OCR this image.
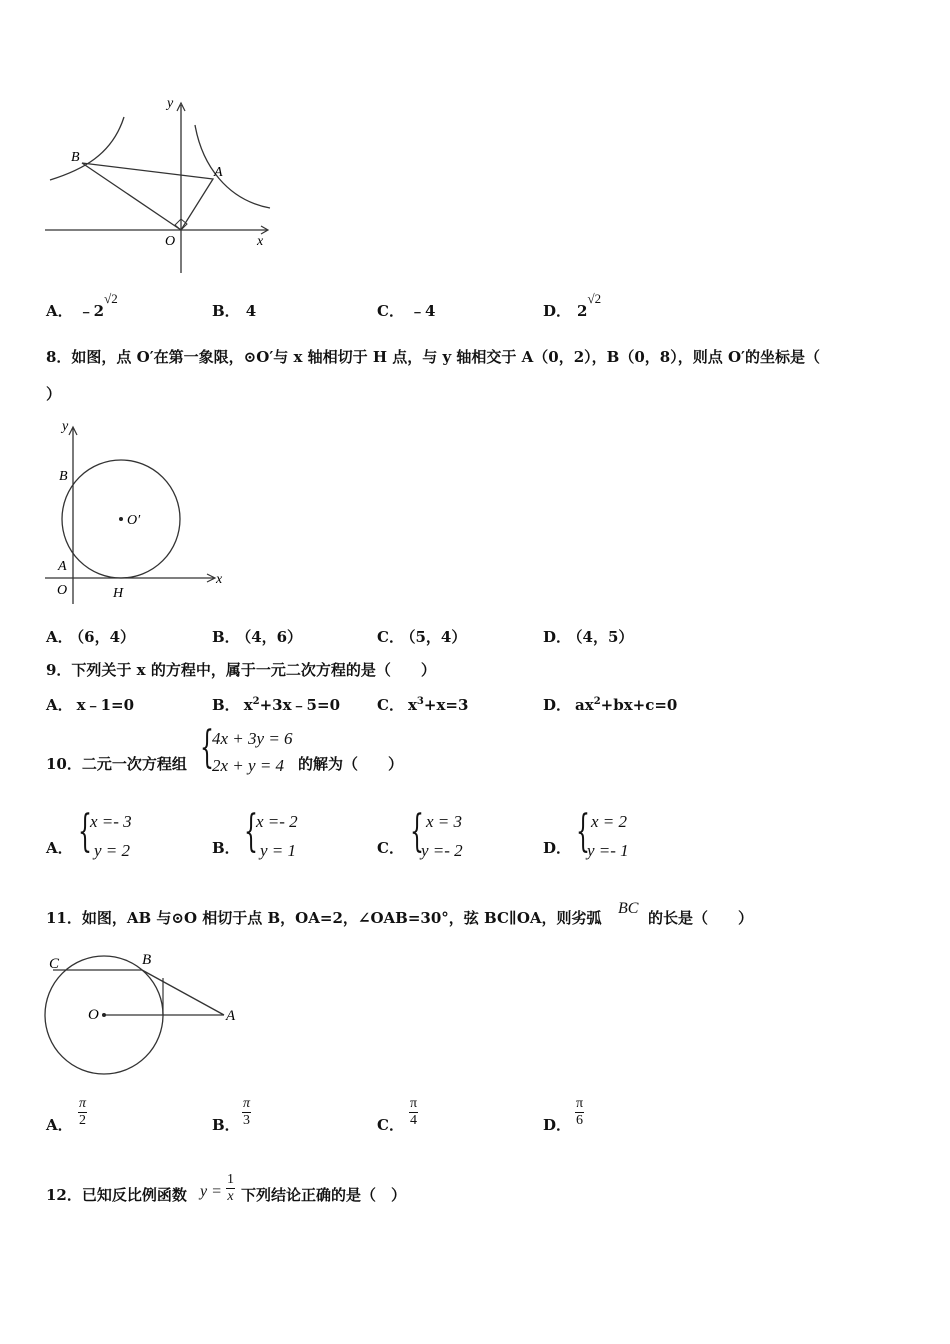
y
x
O
A
B
A． ﹣2√2
B． 4	C． ﹣4	D． 2√2
8．如图，点 O′在第一象限，⊙O′与 x 轴相切于 H 点，与 y 轴相交于 A（0，2），B（0，8），则点 O′的坐标是（
）
y
x
B
A
O	H
O′
A． （6，4）	B． （4，6）	C． （5，4）	D． （4，5）
9．下列关于 x 的方程中，属于一元二次方程的是（　　）
A． x﹣1=0	B． $x^2+3x﹣5=0$ C． $x^3+x=3$	D． $ax^2+bx+c=0$
10．二元一次方程组 {
4x + 3y = 6
2x + y = 4 的解为（　　）
A． {
x =- 3
y = 2	B． {
x =- 2
y = 1	C． { x = 3
y =- 2	D． { x = 2
y =- 1
11．如图，AB 与⊙O 相切于点 B，OA=2，∠OAB=30°，弦 BC∥OA，则劣弧
BC
的长是（　　）
C	B
O	A
A． $\frac{\pi}{2}$	B． $\frac{\pi}{3}$	C． $\frac{\pi}{4}$	D． $\frac{\pi}{6}$
12．已知反比例函数 $y = \frac{1}{x}$ 下列结论正确的是（　）
